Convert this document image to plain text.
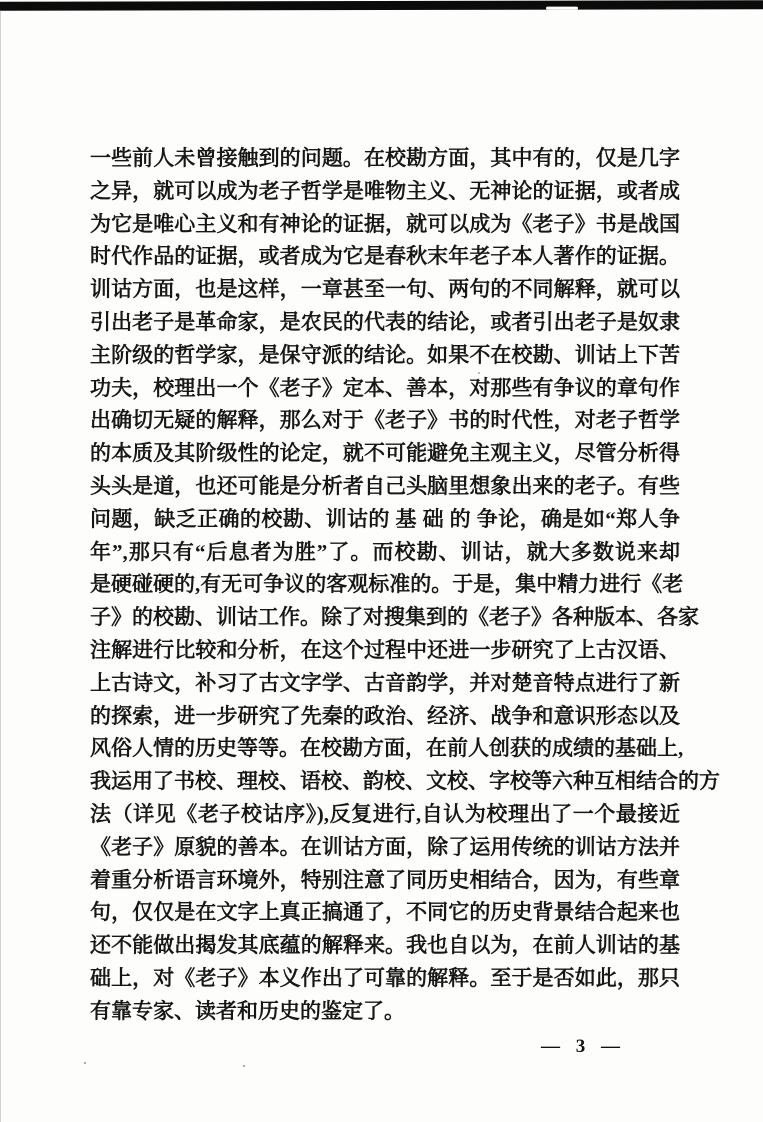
一些前人未曾接触到的问题。在校勘方面，其中有的，仅是几字
之异，就可以成为老子哲学是唯物主义、无神论的证据，或者成
为它是唯心主义和有神论的证据，就可以成为《老子》书是战国
时代作品的证据，或者成为它是春秋末年老子本人著作的证据。
训诂方面，也是这样，一章甚至一句、两句的不同解释，就可以
引出老子是革命家，是农民的代表的结论，或者引出老子是奴隶
主阶级的哲学家，是保守派的结论。如果不在校勘、训诂上下苦
功夫，校理出一个《老子》定本、善本，对那些有争议的章句作
出确切无疑的解释，那么对于《老子》书的时代性，对老子哲学
的本质及其阶级性的论定，就不可能避免主观主义，尽管分析得
头头是道，也还可能是分析者自己头脑里想象出来的老子。有些
问题，缺乏正确的校勘、训诂的 基 础 的 争论，确是如“郑人争
年”,那只有“后息者为胜”了。而校勘、训诂，就大多数说来却
是硬碰硬的,有无可争议的客观标准的。于是，集中精力进行《老
子》的校勘、训诂工作。除了对搜集到的《老子》各种版本、各家
注解进行比较和分析，在这个过程中还进一步研究了上古汉语、
上古诗文，补习了古文字学、古音韵学，并对楚音特点进行了新
的探索，进一步研究了先秦的政治、经济、战争和意识形态以及
风俗人情的历史等等。在校勘方面，在前人创获的成绩的基础上,
我运用了书校、理校、语校、韵校、文校、字校等六种互相结合的方
法（详见《老子校诂序》),反复进行,自认为校理出了一个最接近
《老子》原貌的善本。在训诂方面，除了运用传统的训诂方法并
着重分析语言环境外，特别注意了同历史相结合，因为，有些章
句，仅仅是在文字上真正搞通了，不同它的历史背景结合起来也
还不能做出揭发其底蕴的解释来。我也自以为，在前人训诂的基
础上，对《老子》本义作出了可靠的解释。至于是否如此，那只
有靠专家、读者和历史的鉴定了。
— 3 —
